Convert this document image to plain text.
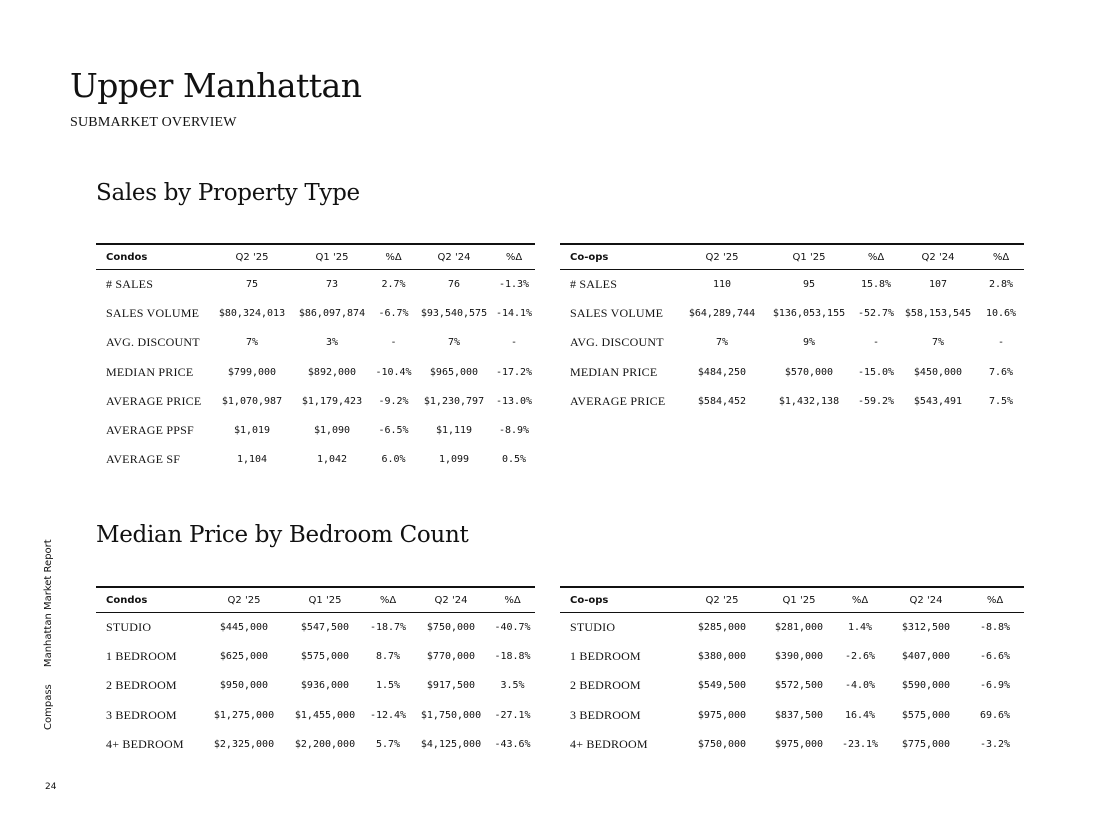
Upper Manhattan
SUBMARKET OVERVIEW
Sales by Property Type
Condos	Q2 '25	Q1 '25	%Δ	Q2 '24	%Δ
# SALES	75	73	2.7%	76	-1.3%
SALES VOLUME	$80,324,013	$86,097,874	-6.7%	$93,540,575	-14.1%
AVG. DISCOUNT	7%	3%	-	7%	-
MEDIAN PRICE	$799,000	$892,000	-10.4%	$965,000	-17.2%
AVERAGE PRICE	$1,070,987	$1,179,423	-9.2%	$1,230,797	-13.0%
AVERAGE PPSF	$1,019	$1,090	-6.5%	$1,119	-8.9%
AVERAGE SF	1,104	1,042	6.0%	1,099	0.5%
Co-ops	Q2 '25	Q1 '25	%Δ	Q2 '24	%Δ
# SALES	110	95	15.8%	107	2.8%
SALES VOLUME	$64,289,744	$136,053,155	-52.7%	$58,153,545	10.6%
AVG. DISCOUNT	7%	9%	-	7%	-
MEDIAN PRICE	$484,250	$570,000	-15.0%	$450,000	7.6%
AVERAGE PRICE	$584,452	$1,432,138	-59.2%	$543,491	7.5%
Median Price by Bedroom Count
Condos	Q2 '25	Q1 '25	%Δ	Q2 '24	%Δ
STUDIO	$445,000	$547,500	-18.7%	$750,000	-40.7%
1 BEDROOM	$625,000	$575,000	8.7%	$770,000	-18.8%
2 BEDROOM	$950,000	$936,000	1.5%	$917,500	3.5%
3 BEDROOM	$1,275,000	$1,455,000	-12.4%	$1,750,000	-27.1%
4+ BEDROOM	$2,325,000	$2,200,000	5.7%	$4,125,000	-43.6%
Co-ops	Q2 '25	Q1 '25	%Δ	Q2 '24	%Δ
STUDIO	$285,000	$281,000	1.4%	$312,500	-8.8%
1 BEDROOM	$380,000	$390,000	-2.6%	$407,000	-6.6%
2 BEDROOM	$549,500	$572,500	-4.0%	$590,000	-6.9%
3 BEDROOM	$975,000	$837,500	16.4%	$575,000	69.6%
4+ BEDROOM	$750,000	$975,000	-23.1%	$775,000	-3.2%
Compass Manhattan Market Report
24
